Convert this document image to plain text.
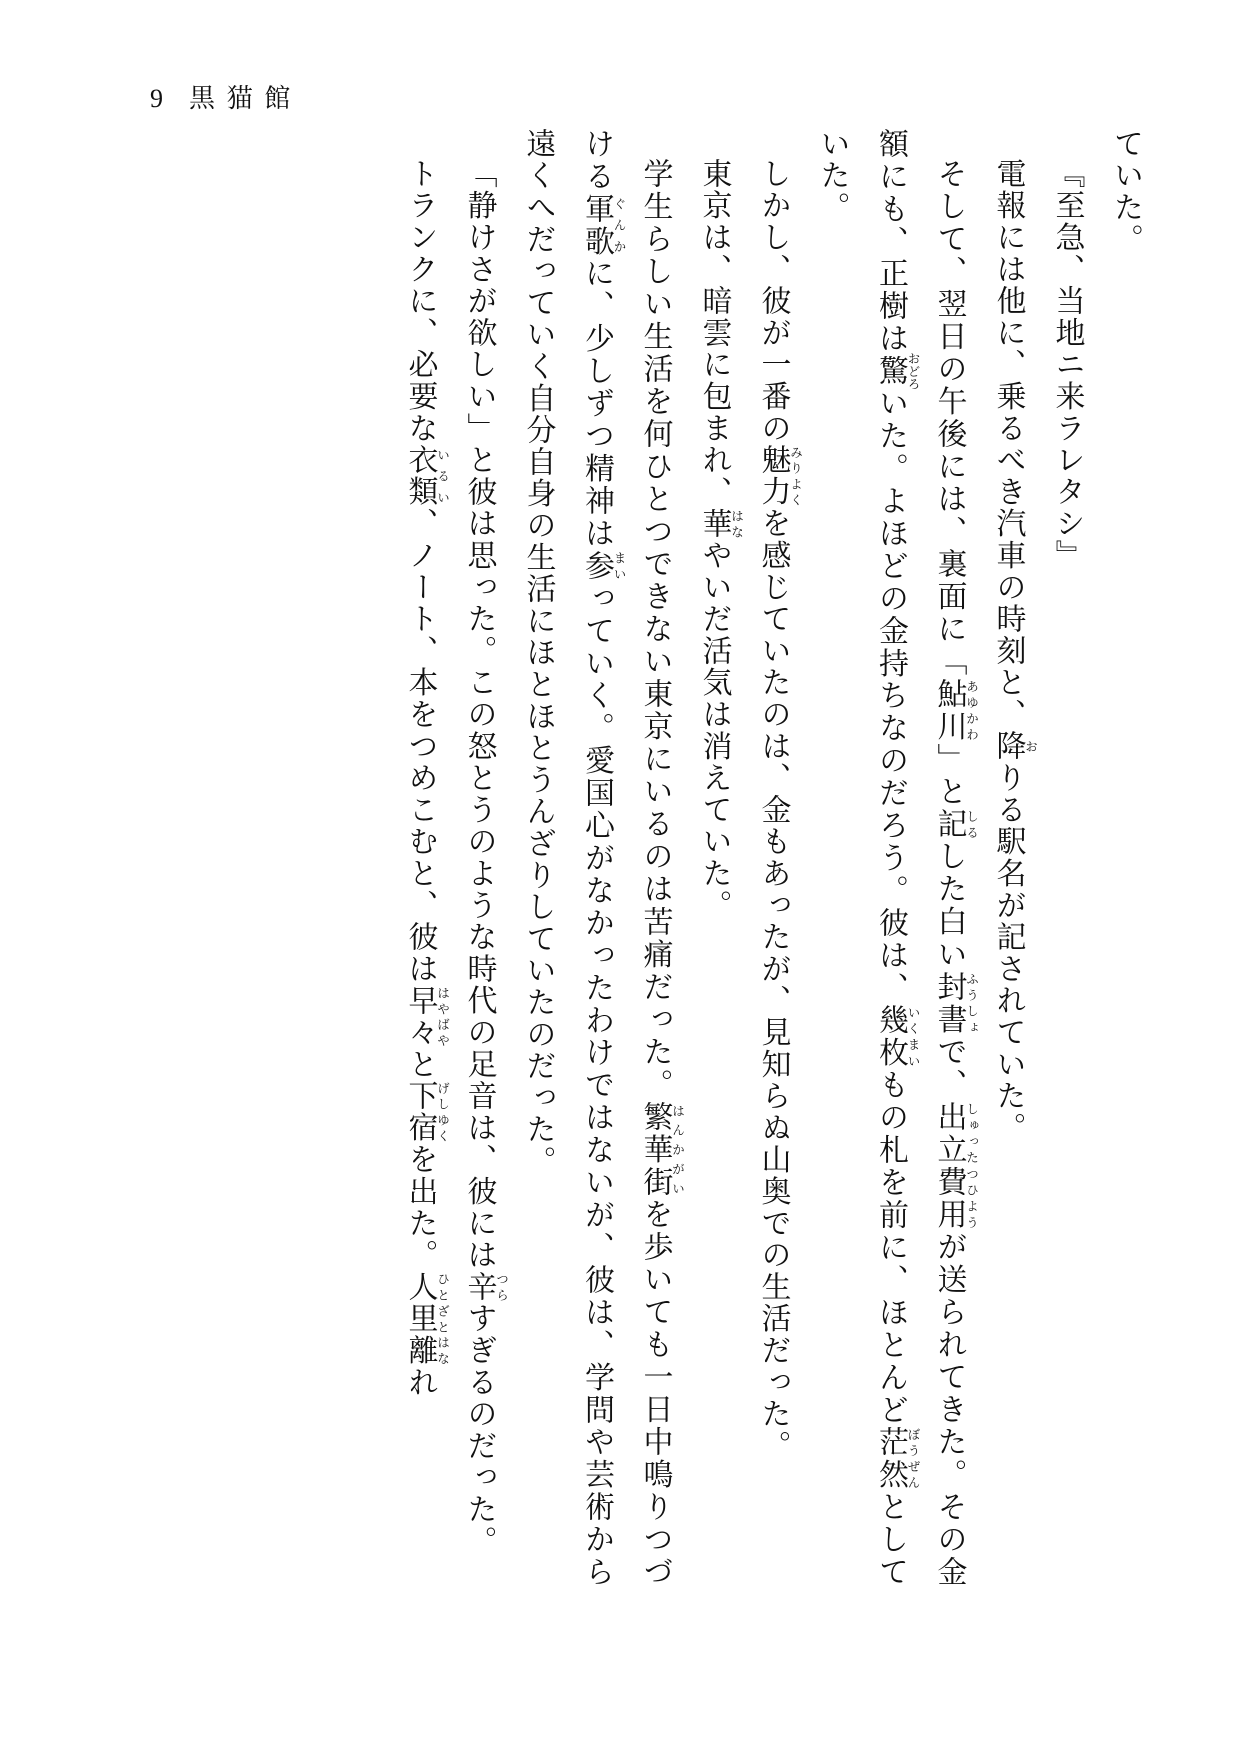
9 黒猫館

ていた。

『至急、当地ニ来ラレタシ』

電報には他に、乗るべき汽車の時刻と、降おりる駅名が記されていた。

そして、翌日の午後には、裏面に「鮎川あゆかわ」と記しるした白い封書ふうしょで、出立費用しゅったつひようが送られてきた。その金額にも、正樹は驚おどろいた。よほどの金持ちなのだろう。彼は、幾枚いくまいもの札を前に、ほとんど茫然ぼうぜんとしていた。

しかし、彼が一番の魅力みりよくを感じていたのは、金もあったが、見知らぬ山奥での生活だった。

東京は、暗雲に包まれ、華はなやいだ活気は消えていた。

学生らしい生活を何ひとつできない東京にいるのは苦痛だった。繁華街はんかがいを歩いても一日中鳴りつづける軍歌ぐんかに、少しずつ精神は参まいっていく。愛国心がなかったわけではないが、彼は、学問や芸術から遠くへだっていく自分自身の生活にほとほとうんざりしていたのだった。

「静けさが欲しい」と彼は思った。この怒とうのような時代の足音は、彼には辛つらすぎるのだった。

トランクに、必要な衣類いるい、ノート、本をつめこむと、彼は早々はやばやと下宿げしゆくを出た。人里離ひとざとはなれ
